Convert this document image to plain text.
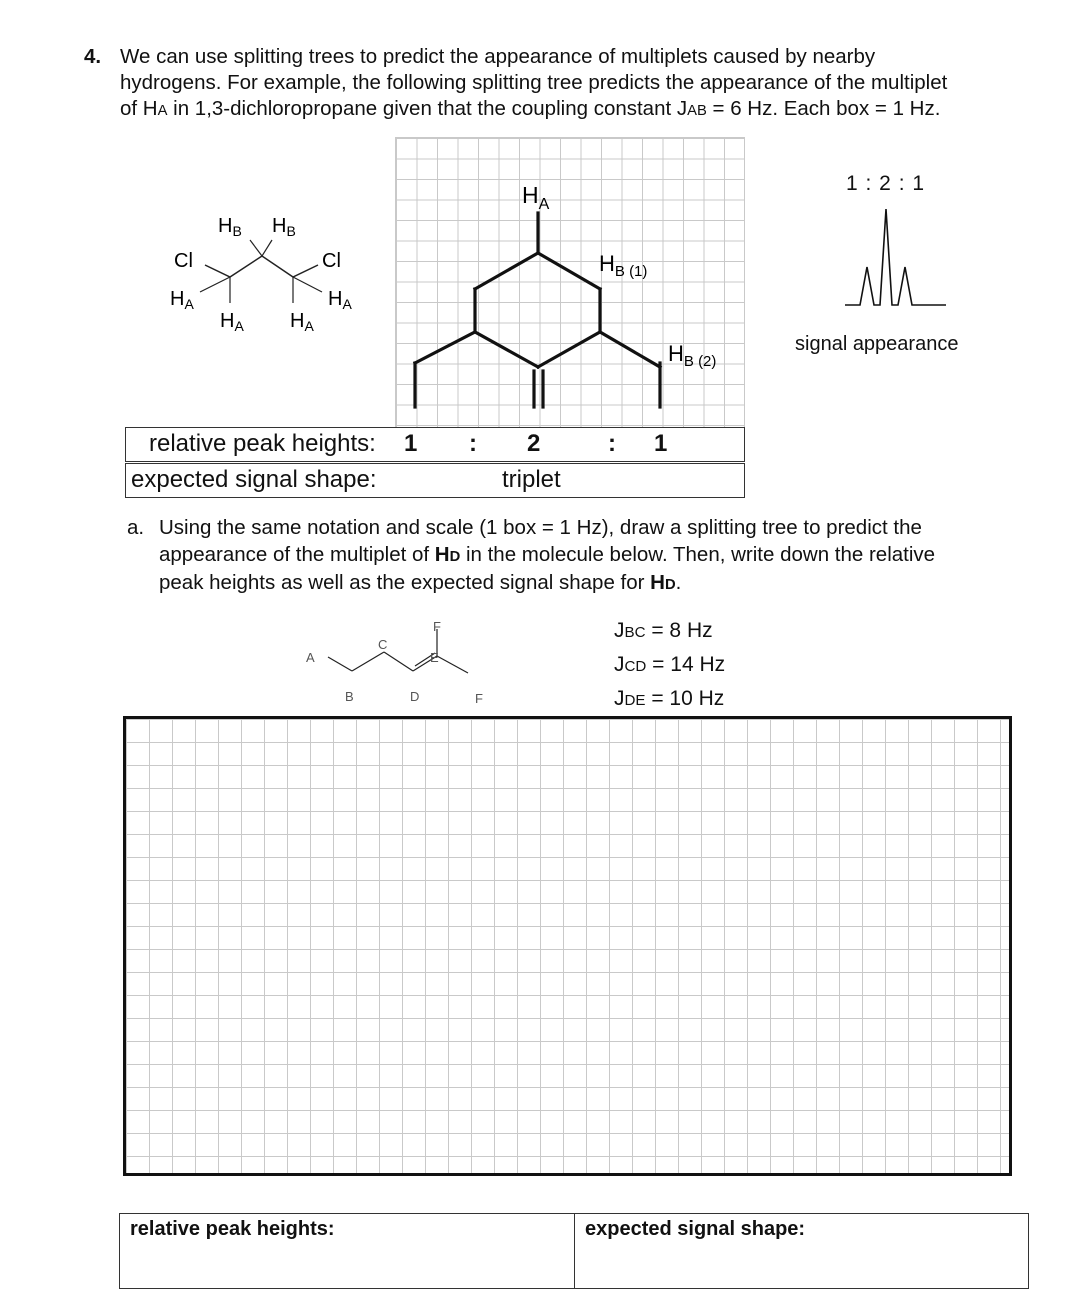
4. We can use splitting trees to predict the appearance of multiplets caused by nearby
hydrogens. For example, the following splitting tree predicts the appearance of the multiplet
of HA in 1,3-dichloropropane given that the coupling constant JAB = 6 Hz. Each box = 1 Hz.
$H_B$ $H_B$
Cl	Cl
$H_A$
$H_A$ $H_A$
$H_A$
$H_A$
$H_{B (1)}$
$H_{B (2)}$
1 : 2 : 1
signal appearance
relative peak heights: 1 : 2	: 1
expected signal shape:	triplet
a. Using the same notation and scale (1 box = 1 Hz), draw a splitting tree to predict the
appearance of the multiplet of HD in the molecule below. Then, write down the relative
peak heights as well as the expected signal shape for HD.
A
B
C
D
E
F
F
JBC = 8 Hz
JCD = 14 Hz
JDE = 10 Hz
relative peak heights:	expected signal shape:
